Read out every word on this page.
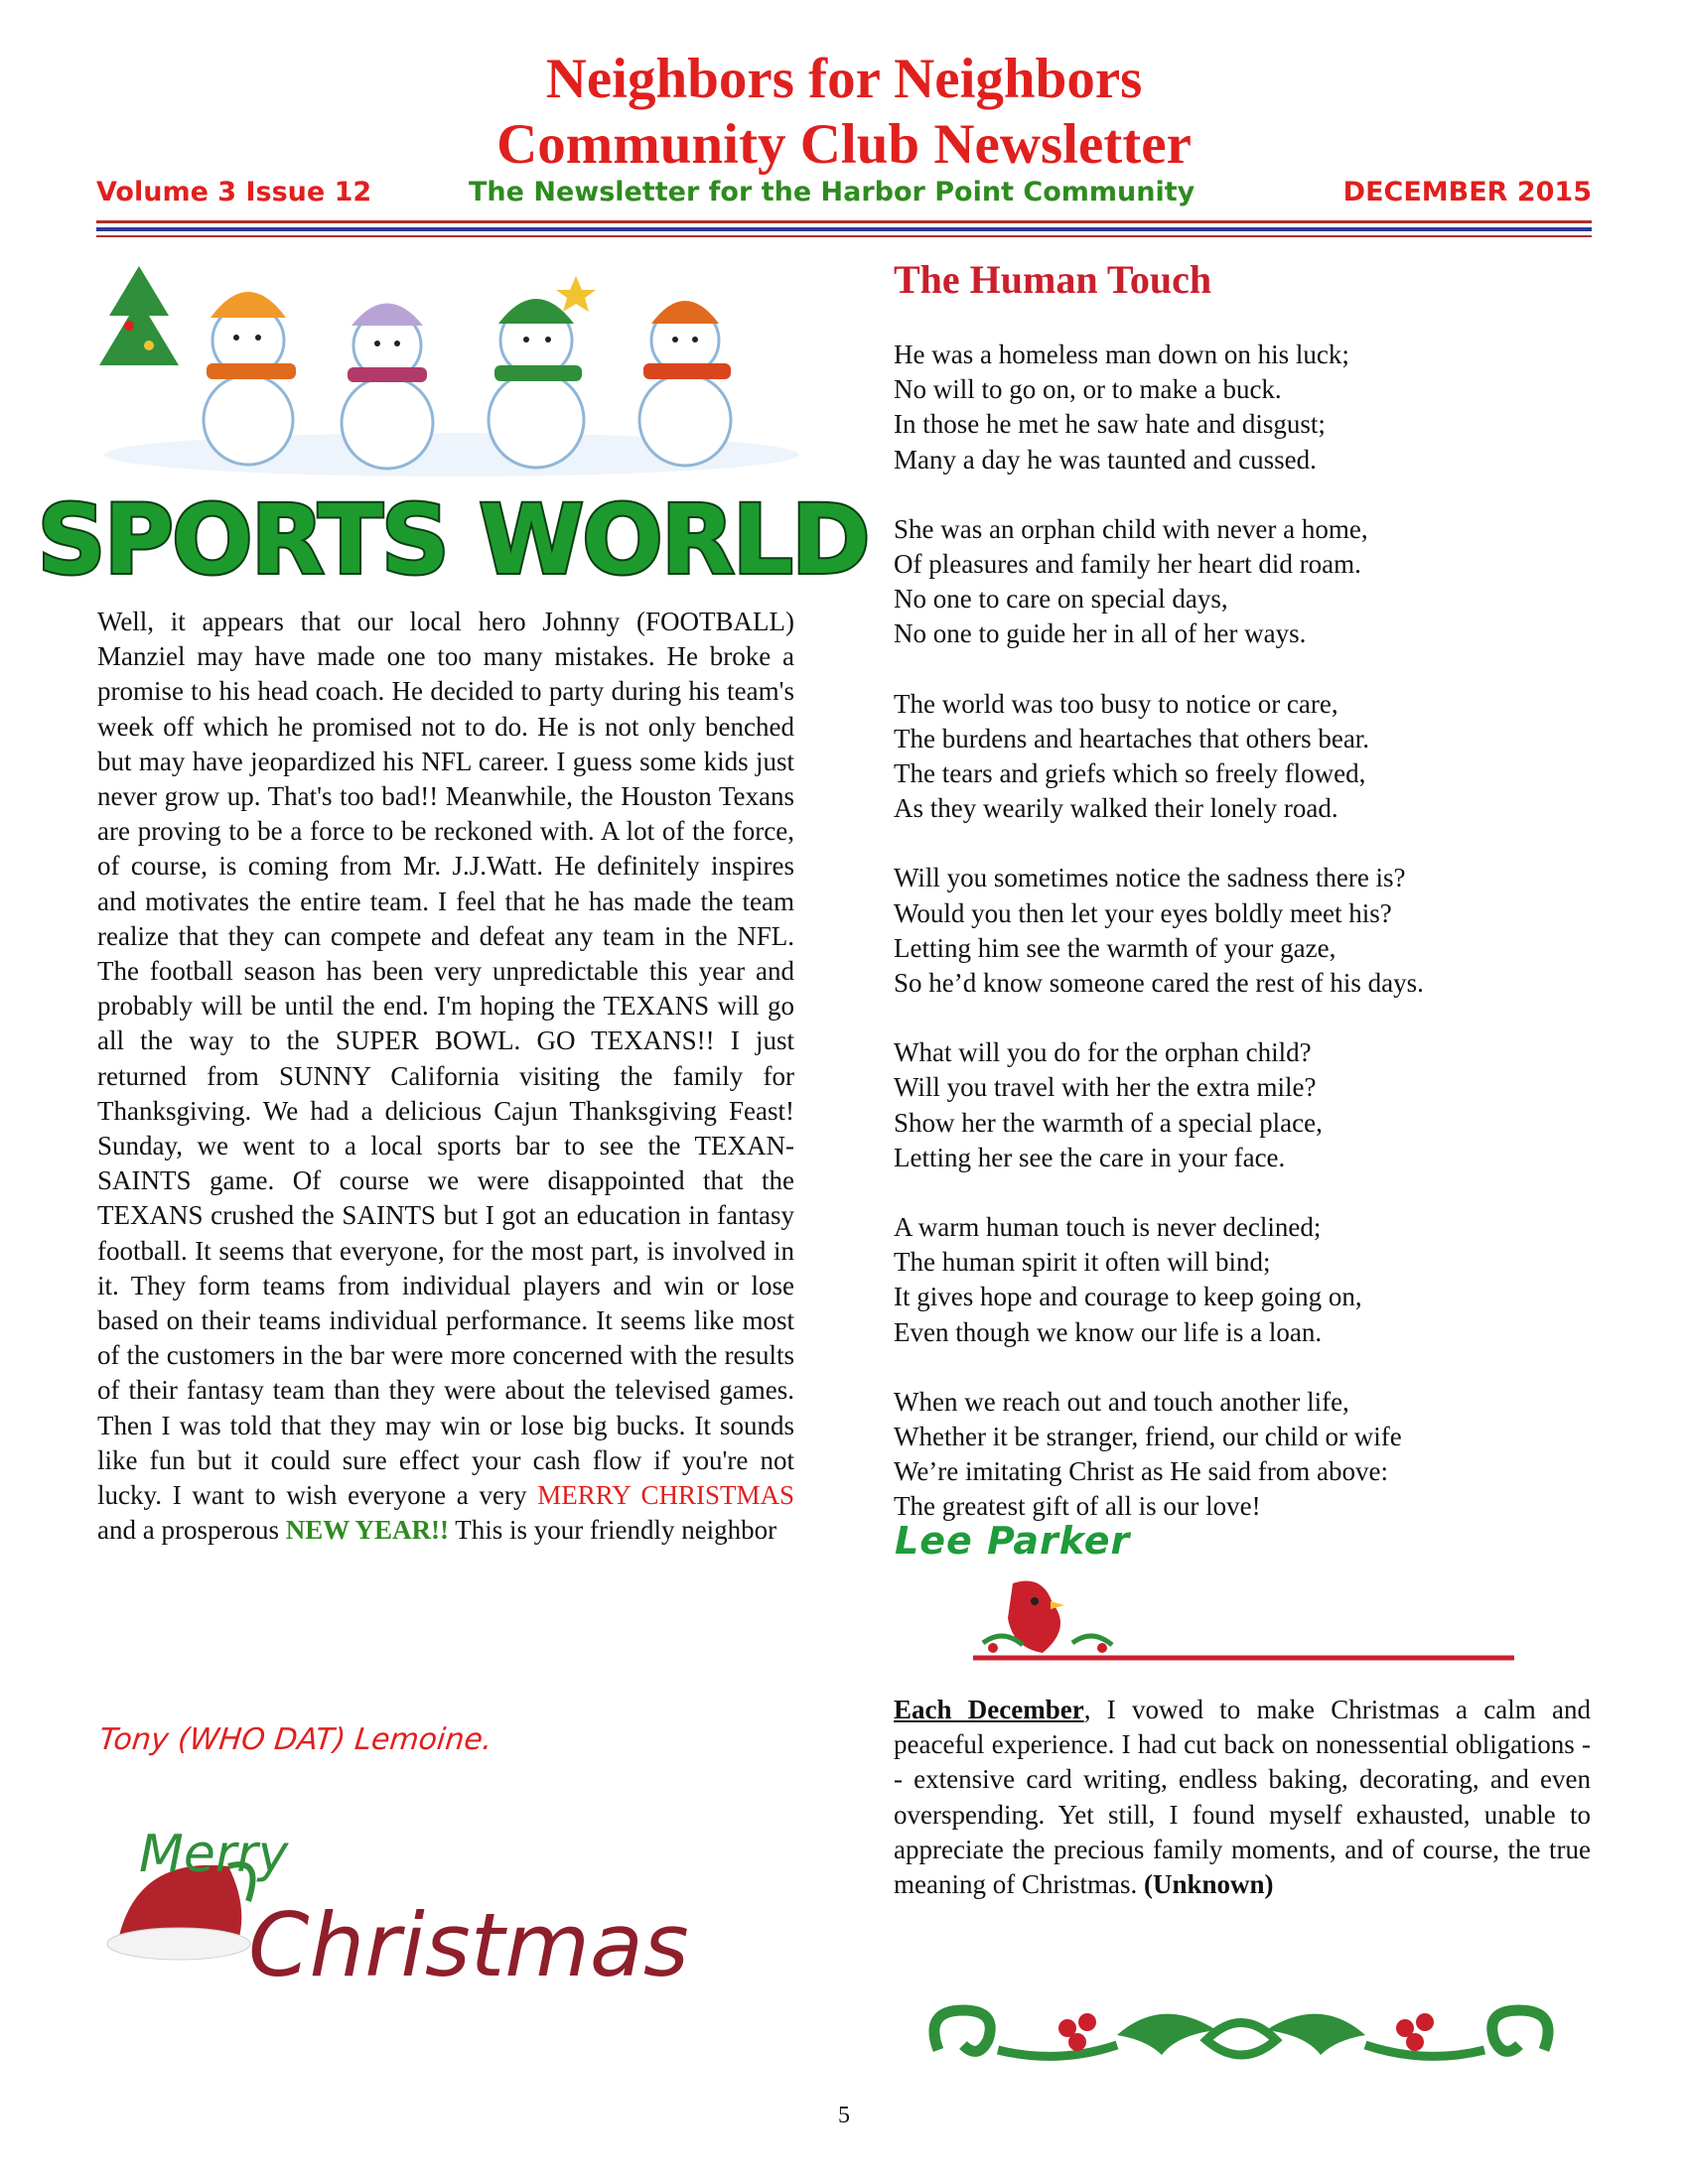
Neighbors for Neighbors
Community Club Newsletter
Volume 3 Issue 12	The Newsletter for the Harbor Point Community	DECEMBER 2015
SPORTS WORLD

Well, it appears that our local hero Johnny (FOOTBALL) Manziel may have made one too many mistakes. He broke a promise to his head coach. He decided to party during his team's week off which he promised not to do. He is not only benched but may have jeopardized his NFL career. I guess some kids just never grow up. That's too bad!! Meanwhile, the Houston Texans are proving to be a force to be reckoned with. A lot of the force, of course, is coming from Mr. J.J.Watt. He definitely inspires and motivates the entire team. I feel that he has made the team realize that they can compete and defeat any team in the NFL. The football season has been very unpredictable this year and probably will be until the end. I'm hoping the TEXANS will go all the way to the SUPER BOWL. GO TEXANS!! I just returned from SUNNY California visiting the family for Thanksgiving. We had a delicious Cajun Thanksgiving Feast! Sunday, we went to a local sports bar to see the TEXAN-SAINTS game. Of course we were disappointed that the TEXANS crushed the SAINTS but I got an education in fantasy football. It seems that everyone, for the most part, is involved in it. They form teams from individual players and win or lose based on their teams individual performance. It seems like most of the customers in the bar were more concerned with the results of their fantasy team than they were about the televised games. Then I was told that they may win or lose big bucks. It sounds like fun but it could sure effect your cash flow if you're not lucky. I want to wish everyone a very MERRY CHRISTMAS and a prosperous NEW YEAR!! This is your friendly neighbor

Tony (WHO DAT) Lemoine.
Merry
Christmas
The Human Touch

He was a homeless man down on his luck;
No will to go on, or to make a buck.
In those he met he saw hate and disgust;
Many a day he was taunted and cussed.

She was an orphan child with never a home,
Of pleasures and family her heart did roam.
No one to care on special days,
No one to guide her in all of her ways.

The world was too busy to notice or care,
The burdens and heartaches that others bear.
The tears and griefs which so freely flowed,
As they wearily walked their lonely road.

Will you sometimes notice the sadness there is?
Would you then let your eyes boldly meet his?
Letting him see the warmth of your gaze,
So he’d know someone cared the rest of his days.

What will you do for the orphan child?
Will you travel with her the extra mile?
Show her the warmth of a special place,
Letting her see the care in your face.

A warm human touch is never declined;
The human spirit it often will bind;
It gives hope and courage to keep going on,
Even though we know our life is a loan.

When we reach out and touch another life,
Whether it be stranger, friend, our child or wife
We’re imitating Christ as He said from above:
The greatest gift of all is our love!

Lee Parker

Each December, I vowed to make Christmas a calm and peaceful experience. I had cut back on nonessential obligations -- extensive card writing, endless baking, decorating, and even overspending. Yet still, I found myself exhausted, unable to appreciate the precious family moments, and of course, the true meaning of Christmas. (Unknown)

5
